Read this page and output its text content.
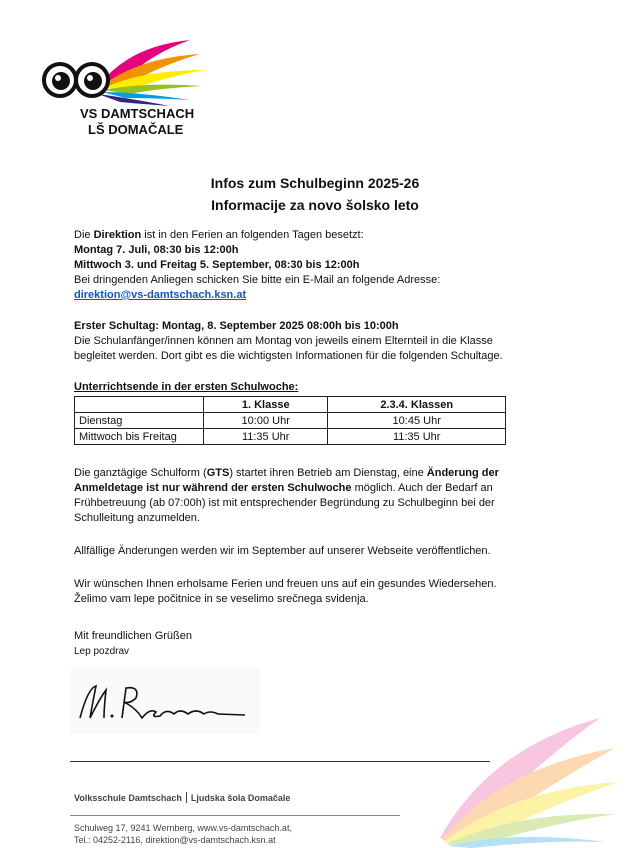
VS DAMTSCHACH
LŠ DOMAČALE
Infos zum Schulbeginn 2025-26
Informacije za novo šolsko leto

Die Direktion ist in den Ferien an folgenden Tagen besetzt:

Montag 7. Juli, 08:30 bis 12:00h

Mittwoch 3. und Freitag 5. September, 08:30 bis 12:00h

Bei dringenden Anliegen schicken Sie bitte ein E-Mail an folgende Adresse:

direktion@vs-damtschach.ksn.at

Erster Schultag: Montag, 8. September 2025 08:00h bis 10:00h

Die Schulanfänger/innen können am Montag von jeweils einem Elternteil in die Klasse

begleitet werden. Dort gibt es die wichtigsten Informationen für die folgenden Schultage.

Unterrichtsende in der ersten Schulwoche:

	1. Klasse	2.3.4. Klassen
Dienstag	10:00 Uhr	10:45 Uhr
Mittwoch bis Freitag	11:35 Uhr	11:35 Uhr

Die ganztägige Schulform (GTS) startet ihren Betrieb am Dienstag, eine Änderung der Anmeldetage ist nur während der ersten Schulwoche möglich. Auch der Bedarf an Frühbetreuung (ab 07:00h) ist mit entsprechender Begründung zu Schulbeginn bei der Schulleitung anzumelden.

Allfällige Änderungen werden wir im September auf unserer Webseite veröffentlichen.

Wir wünschen Ihnen erholsame Ferien und freuen uns auf ein gesundes Wiedersehen.

Želimo vam lepe počitnice in se veselimo srečnega svidenja.

Mit freundlichen Grüßen

Lep pozdrav

Volksschule Damtschach Ljudska šola Domačale
Schulweg 17, 9241 Wernberg, www.vs-damtschach.at,
Tel.: 04252-2116, direktion@vs-damtschach.ksn.at
